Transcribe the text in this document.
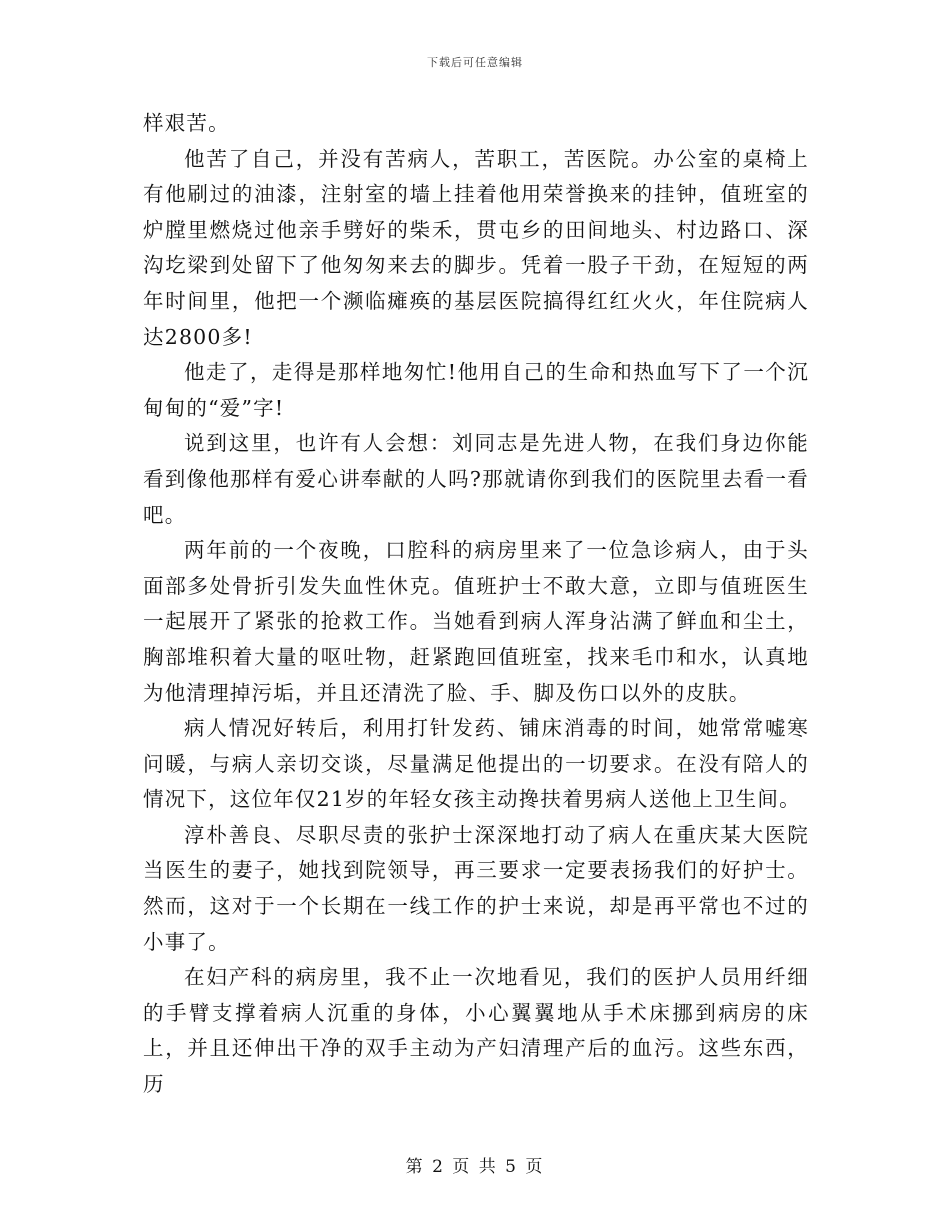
下载后可任意编辑

样艰苦。

他苦了自己，并没有苦病人，苦职工，苦医院。办公室的桌椅上有他刷过的油漆，注射室的墙上挂着他用荣誉换来的挂钟，值班室的炉膛里燃烧过他亲手劈好的柴禾，贯屯乡的田间地头、村边路口、深沟圪梁到处留下了他匆匆来去的脚步。凭着一股子干劲，在短短的两年时间里，他把一个濒临瘫痪的基层医院搞得红红火火，年住院病人达2800多!

他走了，走得是那样地匆忙!他用自己的生命和热血写下了一个沉甸甸的“爱”字!

说到这里，也许有人会想：刘同志是先进人物，在我们身边你能看到像他那样有爱心讲奉献的人吗?那就请你到我们的医院里去看一看吧。

两年前的一个夜晚，口腔科的病房里来了一位急诊病人，由于头面部多处骨折引发失血性休克。值班护士不敢大意，立即与值班医生一起展开了紧张的抢救工作。当她看到病人浑身沾满了鲜血和尘土，胸部堆积着大量的呕吐物，赶紧跑回值班室，找来毛巾和水，认真地为他清理掉污垢，并且还清洗了脸、手、脚及伤口以外的皮肤。

病人情况好转后，利用打针发药、铺床消毒的时间，她常常嘘寒问暖，与病人亲切交谈，尽量满足他提出的一切要求。在没有陪人的情况下，这位年仅21岁的年轻女孩主动搀扶着男病人送他上卫生间。

淳朴善良、尽职尽责的张护士深深地打动了病人在重庆某大医院当医生的妻子，她找到院领导，再三要求一定要表扬我们的好护士。然而，这对于一个长期在一线工作的护士来说，却是再平常也不过的小事了。

在妇产科的病房里，我不止一次地看见，我们的医护人员用纤细的手臂支撑着病人沉重的身体，小心翼翼地从手术床挪到病房的床上，并且还伸出干净的双手主动为产妇清理产后的血污。这些东西，历

第 2 页 共 5 页
